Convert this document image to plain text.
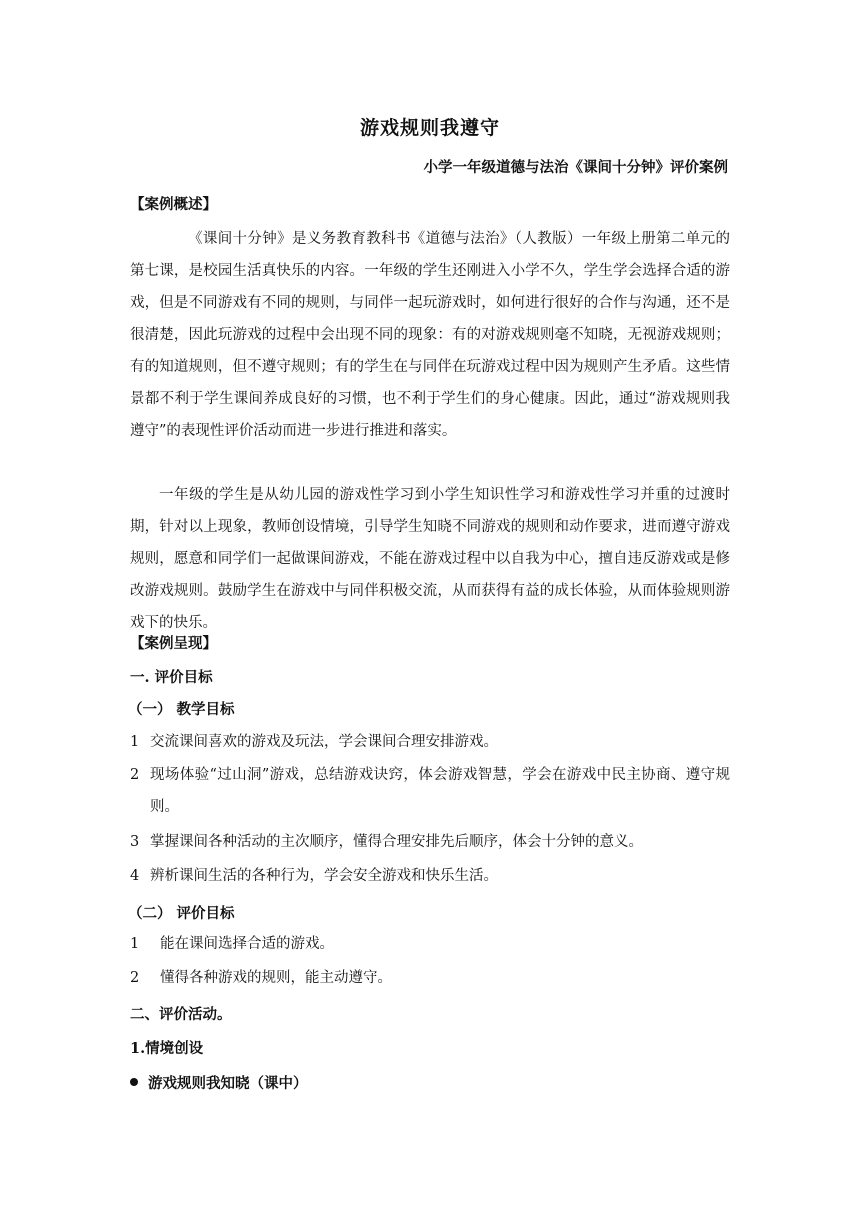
游戏规则我遵守
小学一年级道德与法治《课间十分钟》评价案例
【案例概述】
《课间十分钟》是义务教育教科书《道德与法治》（人教版）一年级上册第二单元的第七课，是校园生活真快乐的内容。一年级的学生还刚进入小学不久，学生学会选择合适的游戏，但是不同游戏有不同的规则，与同伴一起玩游戏时，如何进行很好的合作与沟通，还不是很清楚，因此玩游戏的过程中会出现不同的现象：有的对游戏规则毫不知晓，无视游戏规则；有的知道规则，但不遵守规则；有的学生在与同伴在玩游戏过程中因为规则产生矛盾。这些情景都不利于学生课间养成良好的习惯，也不利于学生们的身心健康。因此，通过“游戏规则我遵守”的表现性评价活动而进一步进行推进和落实。
一年级的学生是从幼儿园的游戏性学习到小学生知识性学习和游戏性学习并重的过渡时期，针对以上现象，教师创设情境，引导学生知晓不同游戏的规则和动作要求，进而遵守游戏规则，愿意和同学们一起做课间游戏，不能在游戏过程中以自我为中心，擅自违反游戏或是修改游戏规则。鼓励学生在游戏中与同伴积极交流，从而获得有益的成长体验，从而体验规则游戏下的快乐。
【案例呈现】
一. 评价目标
（一） 教学目标
1 交流课间喜欢的游戏及玩法，学会课间合理安排游戏。
2 现场体验“过山洞”游戏，总结游戏诀窍，体会游戏智慧，学会在游戏中民主协商、遵守规则。
3 掌握课间各种活动的主次顺序，懂得合理安排先后顺序，体会十分钟的意义。
4 辨析课间生活的各种行为，学会安全游戏和快乐生活。
（二） 评价目标
1	能在课间选择合适的游戏。
2	懂得各种游戏的规则，能主动遵守。
二、评价活动。
1.情境创设
游戏规则我知晓（课中）
